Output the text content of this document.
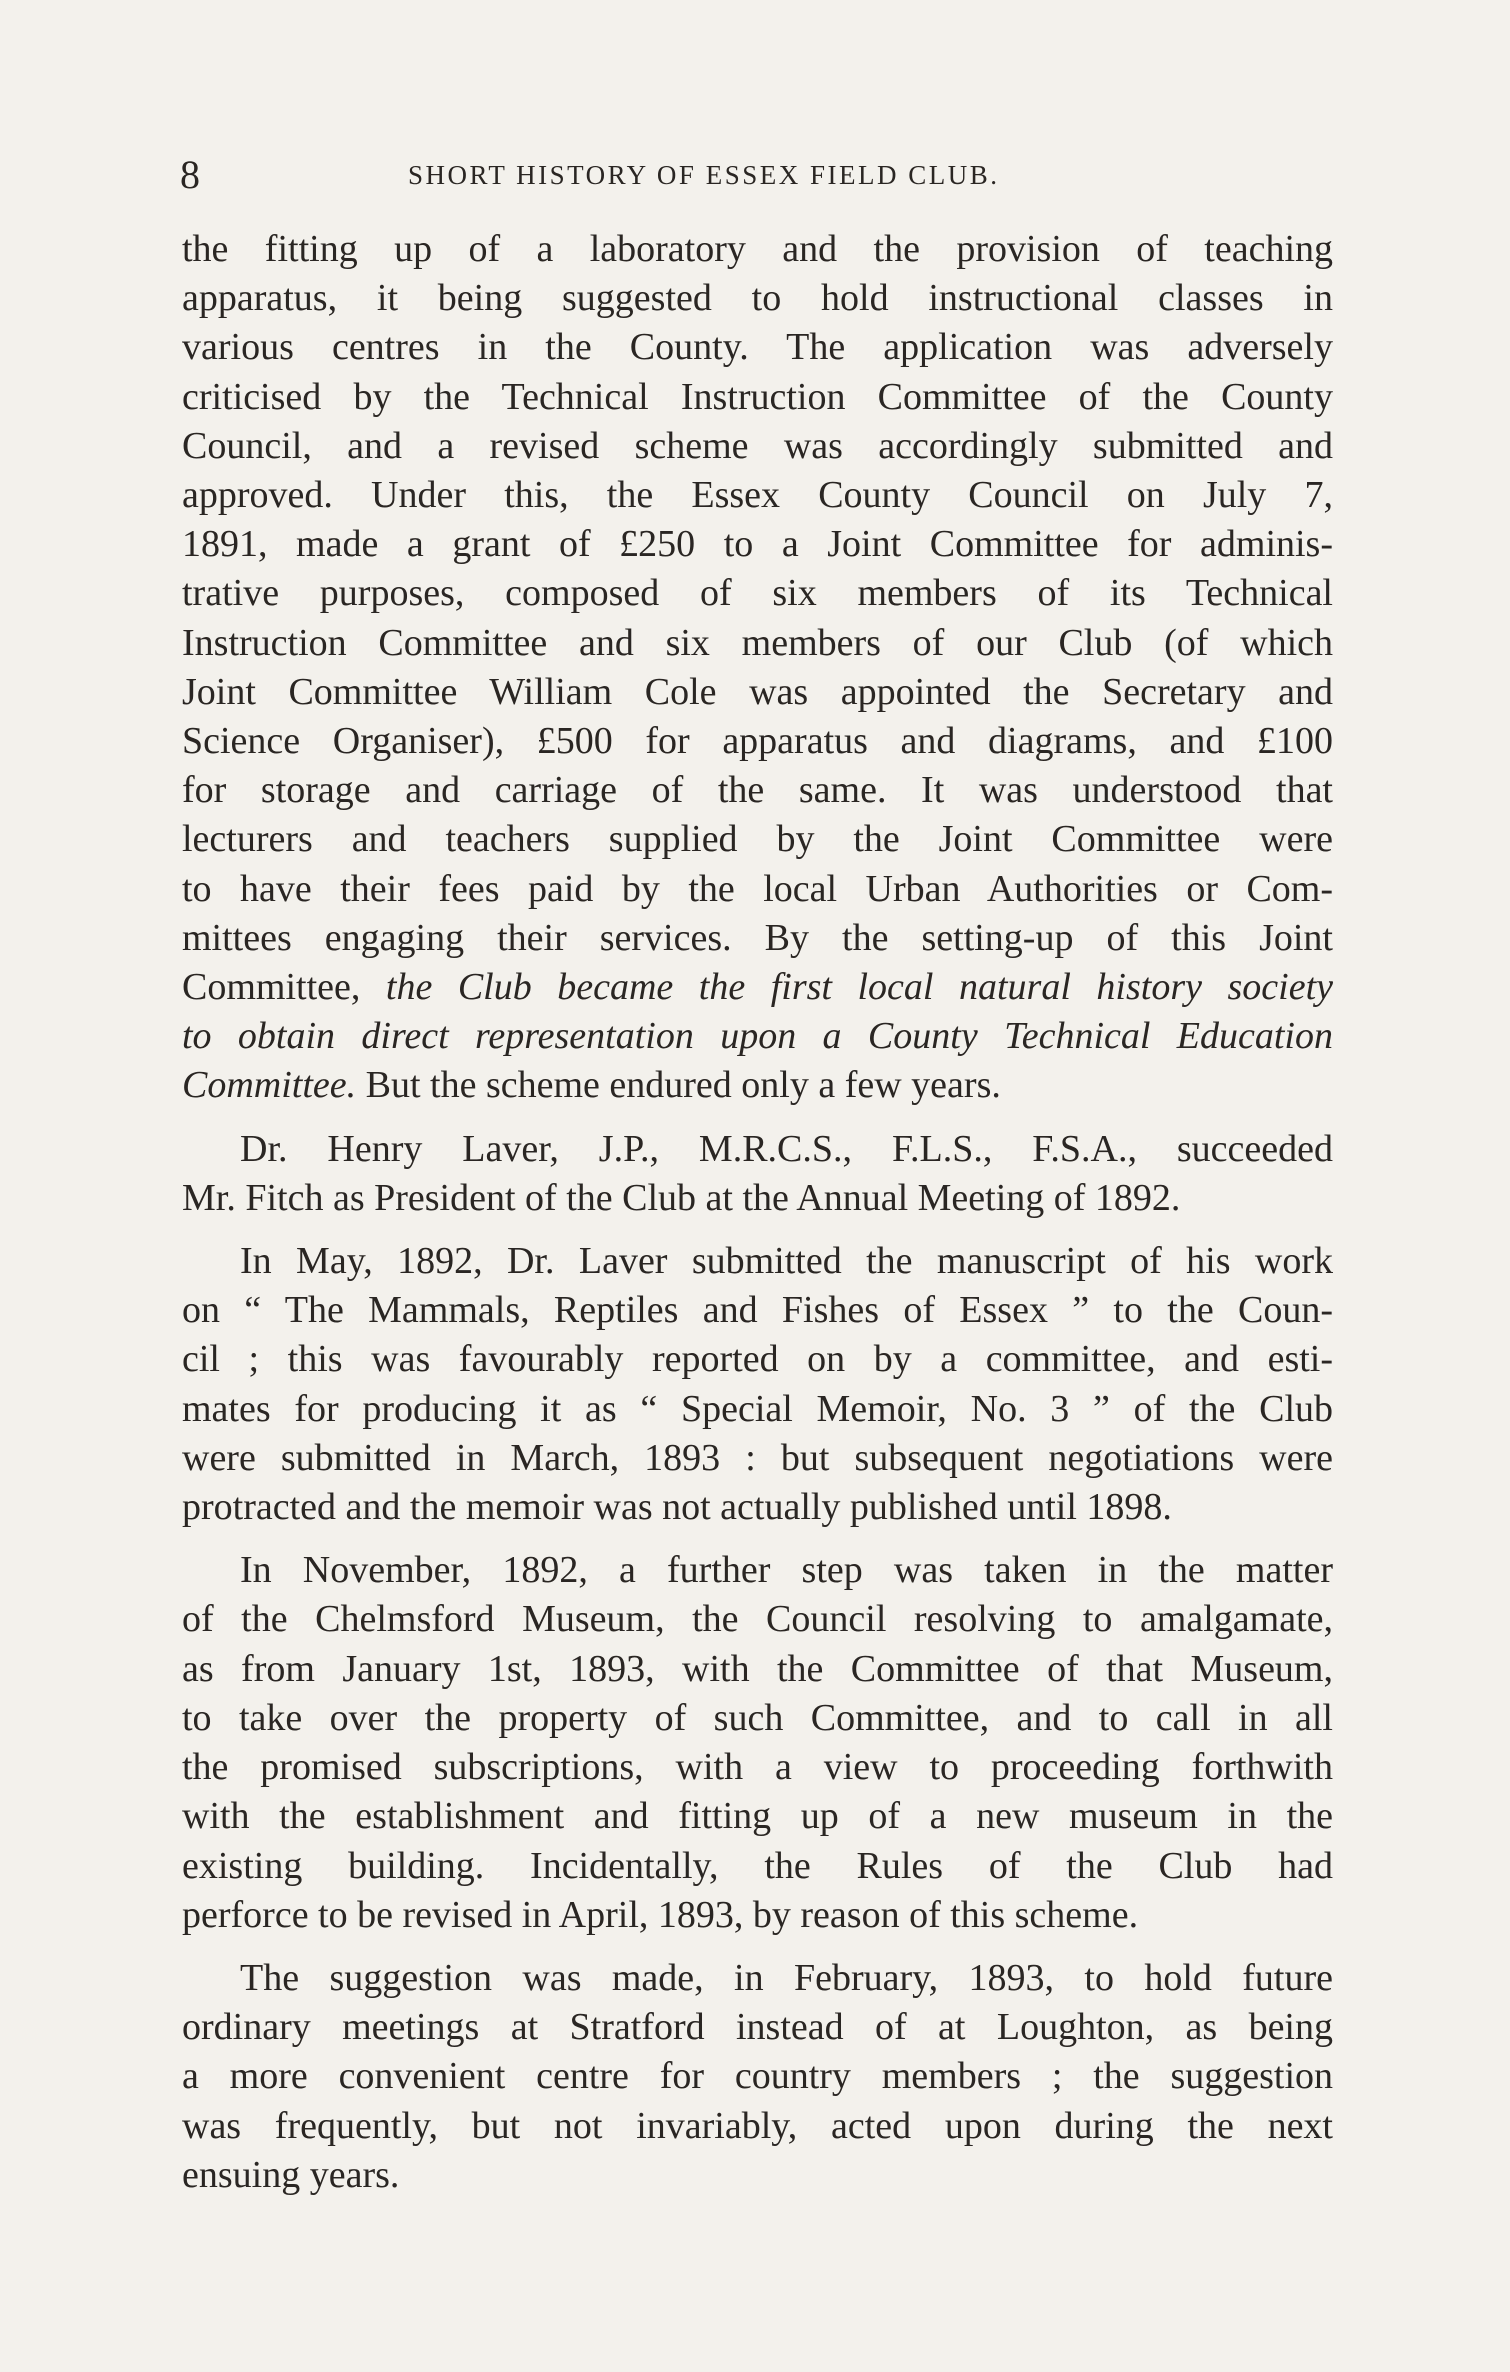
8	SHORT HISTORY OF ESSEX FIELD CLUB.
the fitting up of a laboratory and the provision of teaching
apparatus, it being suggested to hold instructional classes in
various centres in the County. The application was adversely
criticised by the Technical Instruction Committee of the County
Council, and a revised scheme was accordingly submitted and
approved. Under this, the Essex County Council on July 7,
1891, made a grant of £250 to a Joint Committee for adminis-
trative purposes, composed of six members of its Technical
Instruction Committee and six members of our Club (of which
Joint Committee William Cole was appointed the Secretary and
Science Organiser), £500 for apparatus and diagrams, and £100
for storage and carriage of the same. It was understood that
lecturers and teachers supplied by the Joint Committee were
to have their fees paid by the local Urban Authorities or Com-
mittees engaging their services. By the setting-up of this Joint
Committee, the Club became the first local natural history society
to obtain direct representation upon a County Technical Education
Committee. But the scheme endured only a few years.
Dr. Henry Laver, J.P., M.R.C.S., F.L.S., F.S.A., succeeded
Mr. Fitch as President of the Club at the Annual Meeting of 1892.
In May, 1892, Dr. Laver submitted the manuscript of his work
on “ The Mammals, Reptiles and Fishes of Essex ” to the Coun-
cil ; this was favourably reported on by a committee, and esti-
mates for producing it as “ Special Memoir, No. 3 ” of the Club
were submitted in March, 1893 : but subsequent negotiations were
protracted and the memoir was not actually published until 1898.
In November, 1892, a further step was taken in the matter
of the Chelmsford Museum, the Council resolving to amalgamate,
as from January 1st, 1893, with the Committee of that Museum,
to take over the property of such Committee, and to call in all
the promised subscriptions, with a view to proceeding forthwith
with the establishment and fitting up of a new museum in the
existing building. Incidentally, the Rules of the Club had
perforce to be revised in April, 1893, by reason of this scheme.
The suggestion was made, in February, 1893, to hold future
ordinary meetings at Stratford instead of at Loughton, as being
a more convenient centre for country members ; the suggestion
was frequently, but not invariably, acted upon during the next
ensuing years.
